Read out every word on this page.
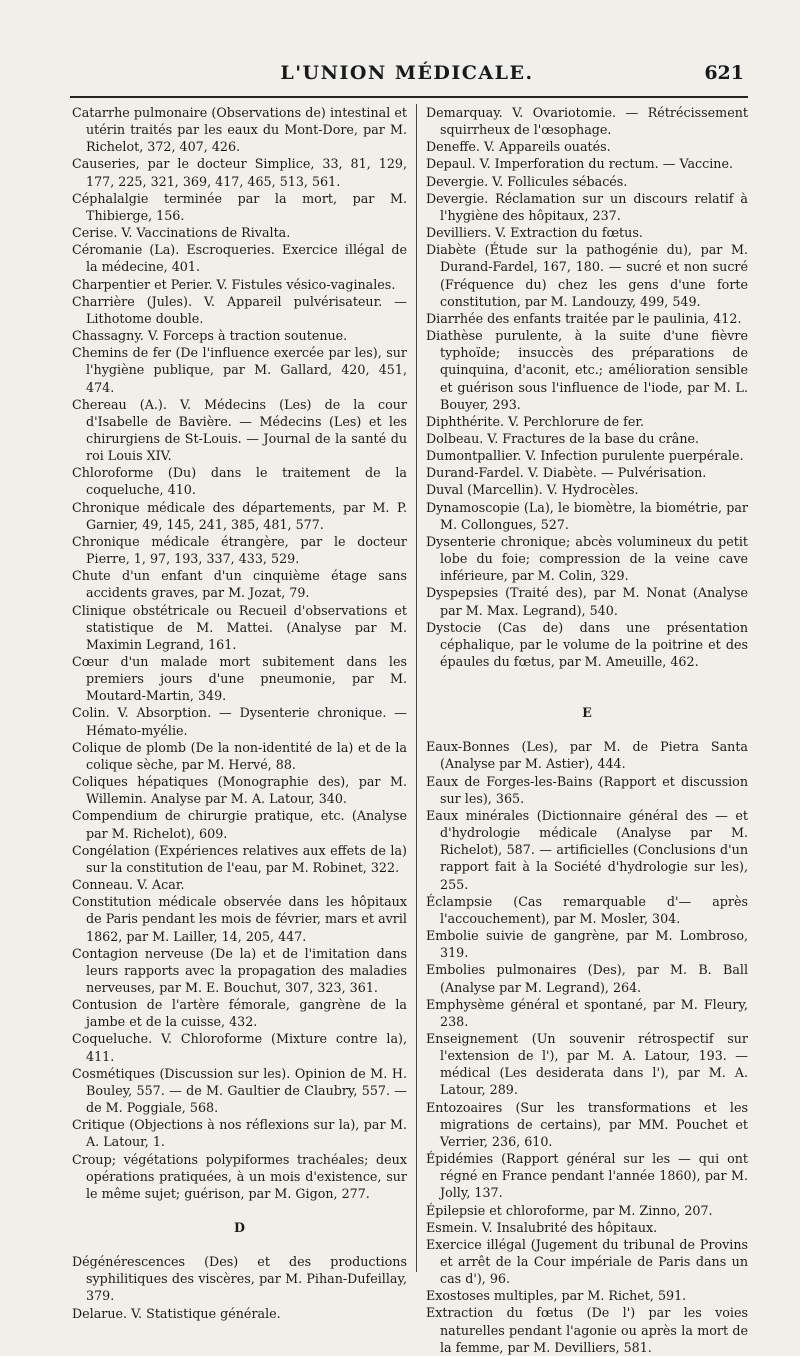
L'UNION MÉDICALE.	621

Catarrhe pulmonaire (Observations de) intestinal et utérin traités par les eaux du Mont-Dore, par M. Richelot, 372, 407, 426.

Causeries, par le docteur Simplice, 33, 81, 129, 177, 225, 321, 369, 417, 465, 513, 561.

Céphalalgie terminée par la mort, par M. Thibierge, 156.

Cerise. V. Vaccinations de Rivalta.

Céromanie (La). Escroqueries. Exercice illégal de la médecine, 401.

Charpentier et Perier. V. Fistules vésico-vaginales.

Charrière (Jules). V. Appareil pulvérisateur. — Lithotome double.

Chassagny. V. Forceps à traction soutenue.

Chemins de fer (De l'influence exercée par les), sur l'hygiène publique, par M. Gallard, 420, 451, 474.

Chereau (A.). V. Médecins (Les) de la cour d'Isabelle de Bavière. — Médecins (Les) et les chirurgiens de St-Louis. — Journal de la santé du roi Louis XIV.

Chloroforme (Du) dans le traitement de la coqueluche, 410.

Chronique médicale des départements, par M. P. Garnier, 49, 145, 241, 385, 481, 577.

Chronique médicale étrangère, par le docteur Pierre, 1, 97, 193, 337, 433, 529.

Chute d'un enfant d'un cinquième étage sans accidents graves, par M. Jozat, 79.

Clinique obstétricale ou Recueil d'observations et statistique de M. Mattei. (Analyse par M. Maximin Legrand, 161.

Cœur d'un malade mort subitement dans les premiers jours d'une pneumonie, par M. Moutard-Martin, 349.

Colin. V. Absorption. — Dysenterie chronique. — Hémato-myélie.

Colique de plomb (De la non-identité de la) et de la colique sèche, par M. Hervé, 88.

Coliques hépatiques (Monographie des), par M. Willemin. Analyse par M. A. Latour, 340.

Compendium de chirurgie pratique, etc. (Analyse par M. Richelot), 609.

Congélation (Expériences relatives aux effets de la) sur la constitution de l'eau, par M. Robinet, 322.

Conneau. V. Acar.

Constitution médicale observée dans les hôpitaux de Paris pendant les mois de février, mars et avril 1862, par M. Lailler, 14, 205, 447.

Contagion nerveuse (De la) et de l'imitation dans leurs rapports avec la propagation des maladies nerveuses, par M. E. Bouchut, 307, 323, 361.

Contusion de l'artère fémorale, gangrène de la jambe et de la cuisse, 432.

Coqueluche. V. Chloroforme (Mixture contre la), 411.

Cosmétiques (Discussion sur les). Opinion de M. H. Bouley, 557. — de M. Gaultier de Claubry, 557. — de M. Poggiale, 568.

Critique (Objections à nos réflexions sur la), par M. A. Latour, 1.

Croup; végétations polypiformes trachéales; deux opérations pratiquées, à un mois d'existence, sur le même sujet; guérison, par M. Gigon, 277.

D

Dégénérescences (Des) et des productions syphilitiques des viscères, par M. Pihan-Dufeillay, 379.

Delarue. V. Statistique générale.

Demarquay. V. Ovariotomie. — Rétrécissement squirrheux de l'œsophage.

Deneffe. V. Appareils ouatés.

Depaul. V. Imperforation du rectum. — Vaccine.

Devergie. V. Follicules sébacés.

Devergie. Réclamation sur un discours relatif à l'hygiène des hôpitaux, 237.

Devilliers. V. Extraction du fœtus.

Diabète (Étude sur la pathogénie du), par M. Durand-Fardel, 167, 180. — sucré et non sucré (Fréquence du) chez les gens d'une forte constitution, par M. Landouzy, 499, 549.

Diarrhée des enfants traitée par le paulinia, 412.

Diathèse purulente, à la suite d'une fièvre typhoïde; insuccès des préparations de quinquina, d'aconit, etc.; amélioration sensible et guérison sous l'influence de l'iode, par M. L. Bouyer, 293.

Diphthérite. V. Perchlorure de fer.

Dolbeau. V. Fractures de la base du crâne.

Dumontpallier. V. Infection purulente puerpérale.

Durand-Fardel. V. Diabète. — Pulvérisation.

Duval (Marcellin). V. Hydrocèles.

Dynamoscopie (La), le biomètre, la biométrie, par M. Collongues, 527.

Dysenterie chronique; abcès volumineux du petit lobe du foie; compression de la veine cave inférieure, par M. Colin, 329.

Dyspepsies (Traité des), par M. Nonat (Analyse par M. Max. Legrand), 540.

Dystocie (Cas de) dans une présentation céphalique, par le volume de la poitrine et des épaules du fœtus, par M. Ameuille, 462.

E

Eaux-Bonnes (Les), par M. de Pietra Santa (Analyse par M. Astier), 444.

Eaux de Forges-les-Bains (Rapport et discussion sur les), 365.

Eaux minérales (Dictionnaire général des — et d'hydrologie médicale (Analyse par M. Richelot), 587. — artificielles (Conclusions d'un rapport fait à la Société d'hydrologie sur les), 255.

Éclampsie (Cas remarquable d'— après l'accouchement), par M. Mosler, 304.

Embolie suivie de gangrène, par M. Lombroso, 319.

Embolies pulmonaires (Des), par M. B. Ball (Analyse par M. Legrand), 264.

Emphysème général et spontané, par M. Fleury, 238.

Enseignement (Un souvenir rétrospectif sur l'extension de l'), par M. A. Latour, 193. — médical (Les desiderata dans l'), par M. A. Latour, 289.

Entozoaires (Sur les transformations et les migrations de certains), par MM. Pouchet et Verrier, 236, 610.

Épidémies (Rapport général sur les — qui ont régné en France pendant l'année 1860), par M. Jolly, 137.

Épilepsie et chloroforme, par M. Zinno, 207.

Esmein. V. Insalubrité des hôpitaux.

Exercice illégal (Jugement du tribunal de Provins et arrêt de la Cour impériale de Paris dans un cas d'), 96.

Exostoses multiples, par M. Richet, 591.

Extraction du fœtus (De l') par les voies naturelles pendant l'agonie ou après la mort de la femme, par M. Devilliers, 581.
